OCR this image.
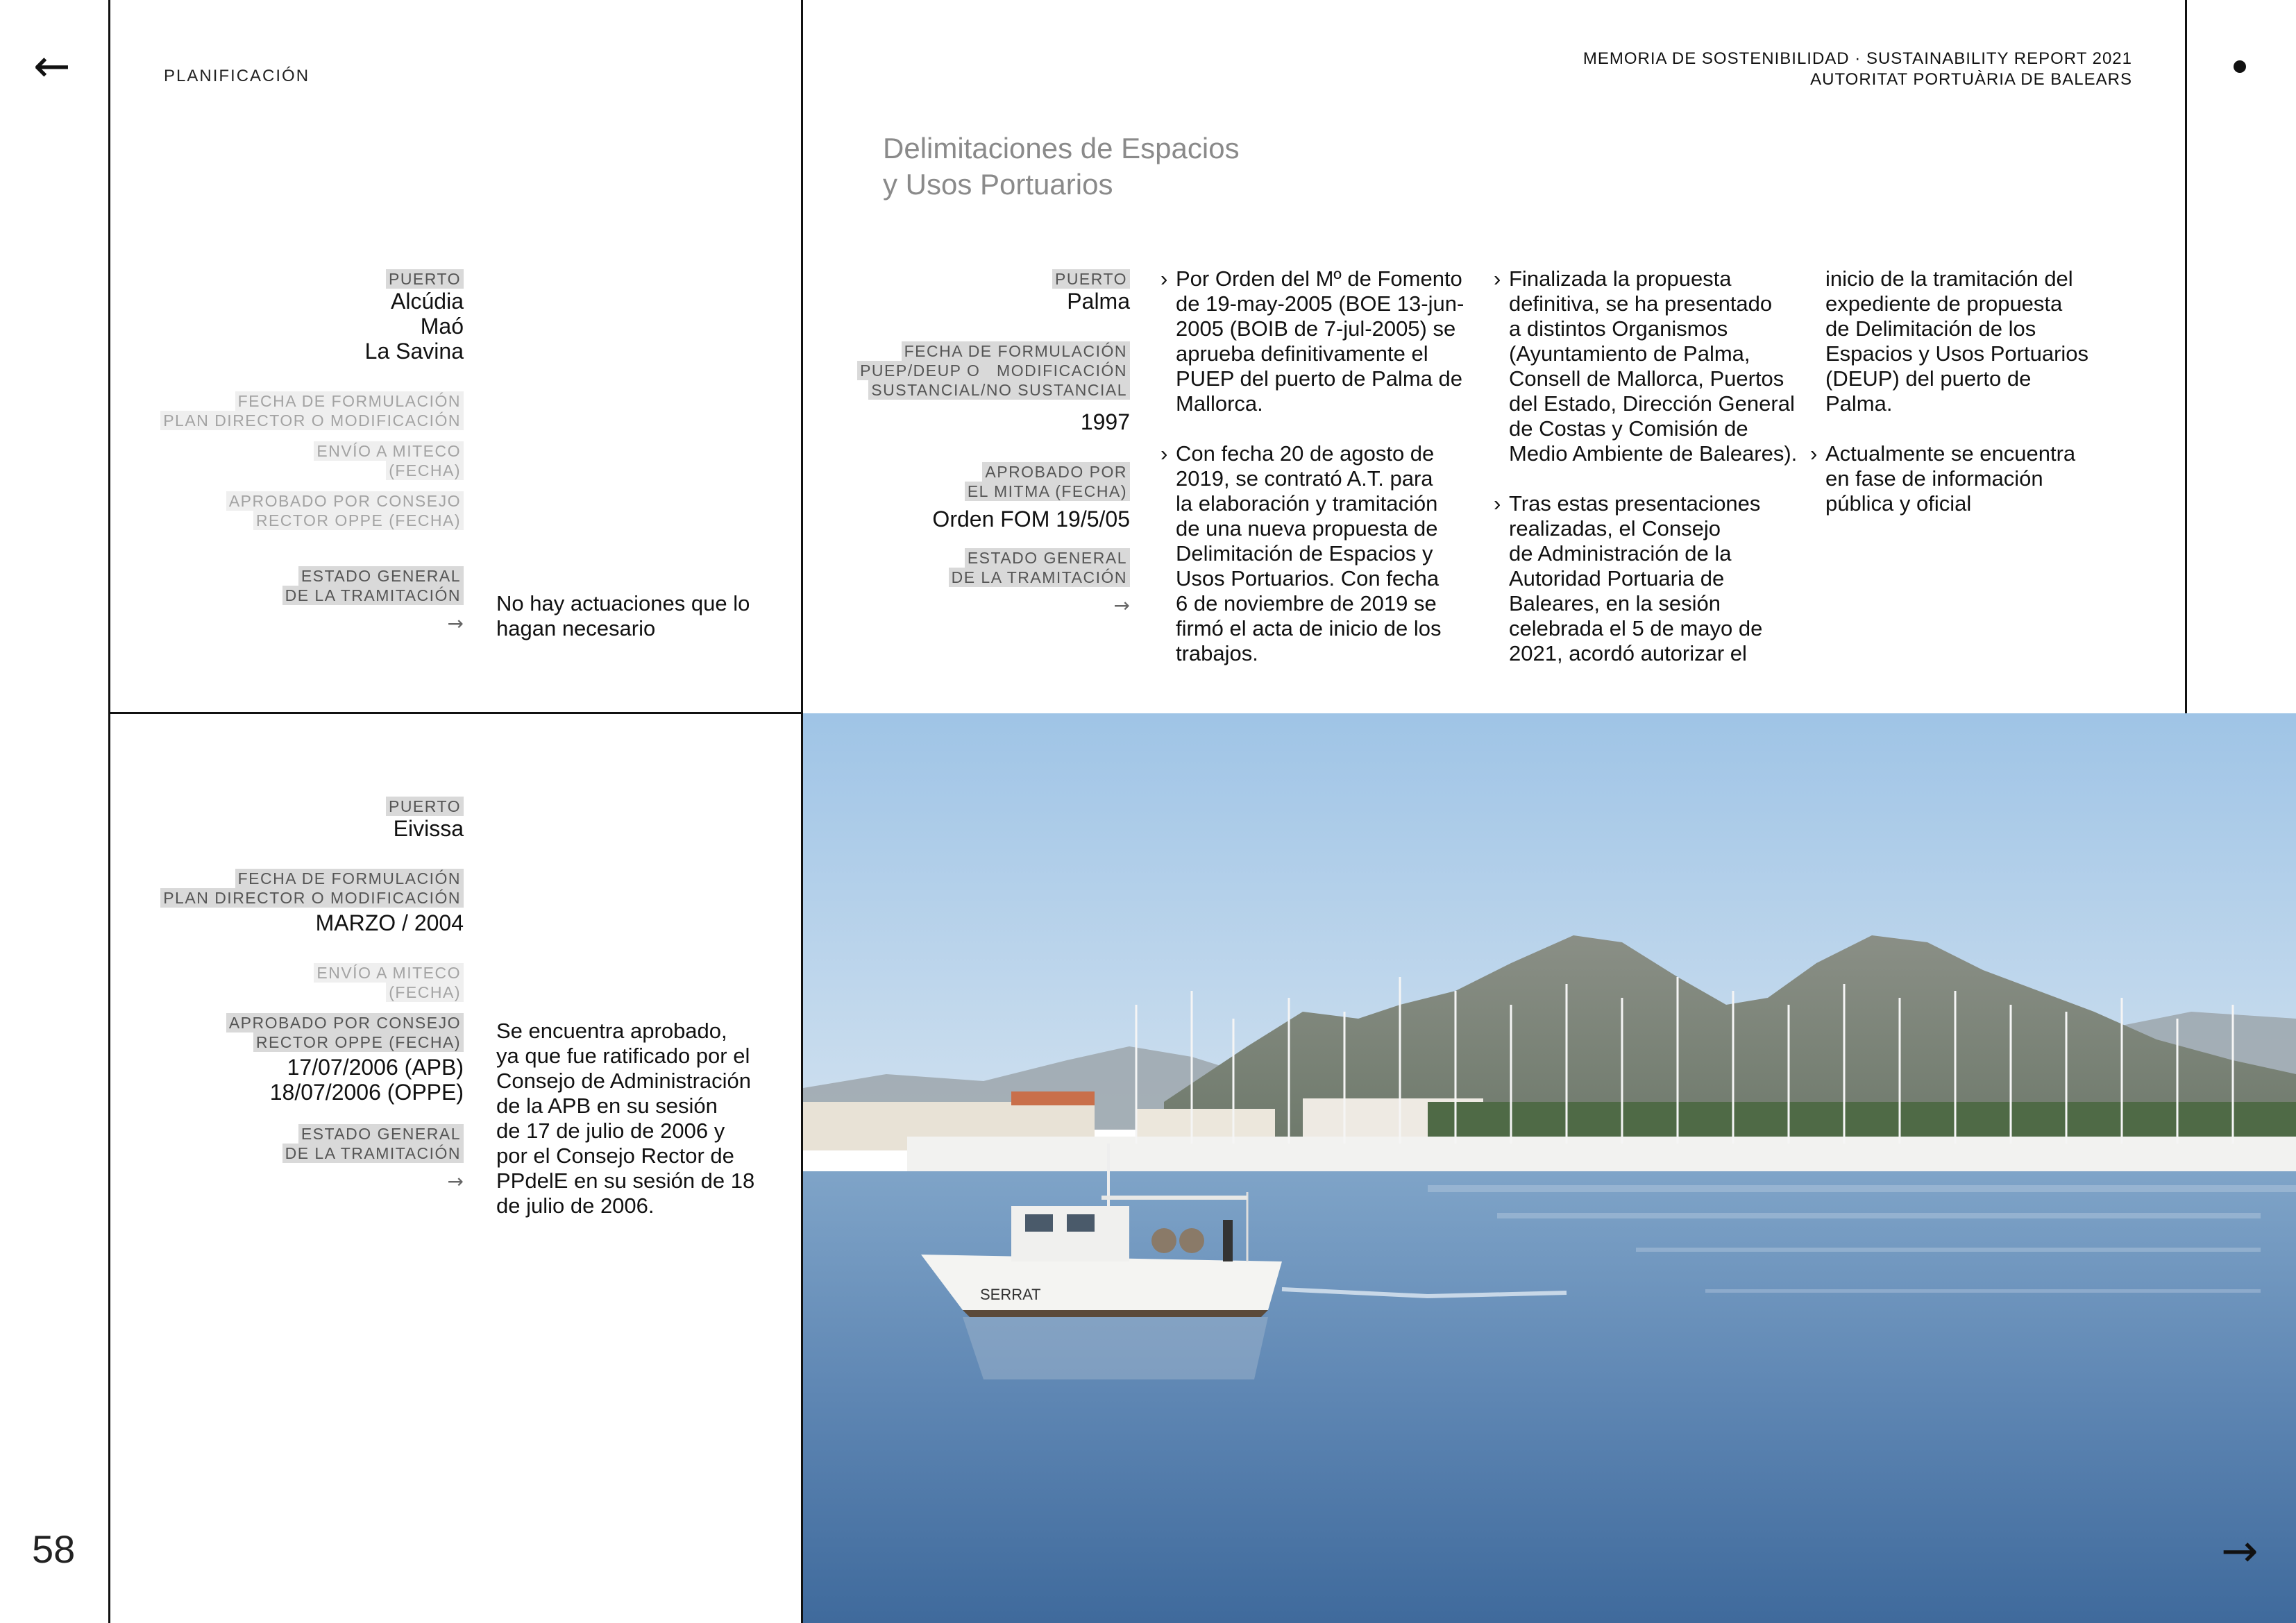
←
→
58
PLANIFICACIÓN
MEMORIA DE SOSTENIBILIDAD · SUSTAINABILITY REPORT 2021
AUTORITAT PORTUÀRIA DE BALEARS
Delimitaciones de Espacios
y Usos Portuarios
PUERTO
Alcúdia
Maó
La Savina
FECHA DE FORMULACIÓN
PLAN DIRECTOR O MODIFICACIÓN
ENVÍO A MITECO
(FECHA)
APROBADO POR CONSEJO
RECTOR OPPE (FECHA)
ESTADO GENERAL
DE LA TRAMITACIÓN
→
No hay actuaciones que lo
hagan necesario
PUERTO
Eivissa
FECHA DE FORMULACIÓN
PLAN DIRECTOR O MODIFICACIÓN
MARZO / 2004
ENVÍO A MITECO
(FECHA)
APROBADO POR CONSEJO
RECTOR OPPE (FECHA)
17/07/2006 (APB)
18/07/2006 (OPPE)
ESTADO GENERAL
DE LA TRAMITACIÓN
→
Se encuentra aprobado,
ya que fue ratificado por el
Consejo de Administración
de la APB en su sesión
de 17 de julio de 2006 y
por el Consejo Rector de
PPdelE en su sesión de 18
de julio de 2006.
PUERTO
Palma
FECHA DE FORMULACIÓN
PUEP/DEUP O   MODIFICACIÓN
SUSTANCIAL/NO SUSTANCIAL
1997
APROBADO POR
EL MITMA (FECHA)
Orden FOM 19/5/05
ESTADO GENERAL
DE LA TRAMITACIÓN
→
› Por Orden del Mº de Fomento
de 19-may-2005 (BOE 13-jun-
2005 (BOIB de 7-jul-2005) se
aprueba definitivamente el
PUEP del puerto de Palma de
Mallorca.
› Con fecha 20 de agosto de
2019, se contrató A.T. para
la elaboración y tramitación
de una nueva propuesta de
Delimitación de Espacios y
Usos Portuarios. Con fecha
6 de noviembre de 2019 se
firmó el acta de inicio de los
trabajos.
› Finalizada la propuesta
definitiva, se ha presentado
a distintos Organismos
(Ayuntamiento de Palma,
Consell de Mallorca, Puertos
del Estado, Dirección General
de Costas y Comisión de
Medio Ambiente de Baleares).
› Tras estas presentaciones
realizadas, el Consejo
de Administración de la
Autoridad Portuaria de
Baleares, en la sesión
celebrada el 5 de mayo de
2021, acordó autorizar el
inicio de la tramitación del
expediente de propuesta
de Delimitación de los
Espacios y Usos Portuarios
(DEUP) del puerto de
Palma.
› Actualmente se encuentra
en fase de información
pública y oficial
SERRAT
